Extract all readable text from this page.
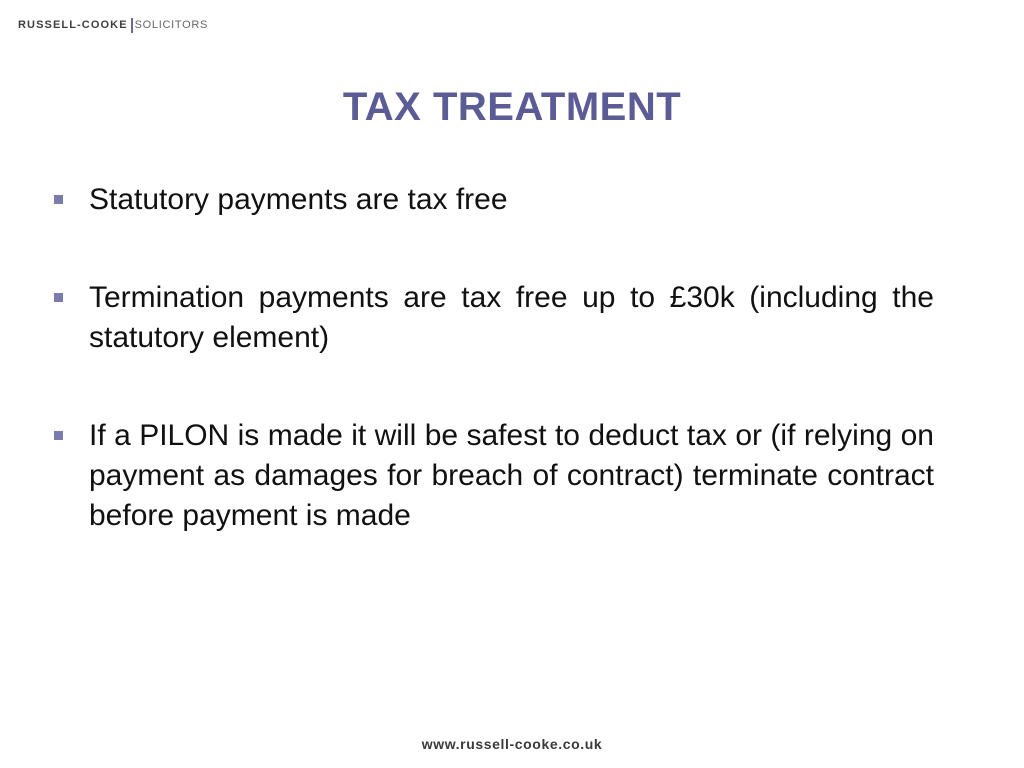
RUSSELL-COOKE SOLICITORS
TAX TREATMENT
Statutory payments are tax free
Termination payments are tax free up to £30k (including the statutory element)
If a PILON is made it will be safest to deduct tax or (if relying on payment as damages for breach of contract) terminate contract before payment is made
www.russell-cooke.co.uk
